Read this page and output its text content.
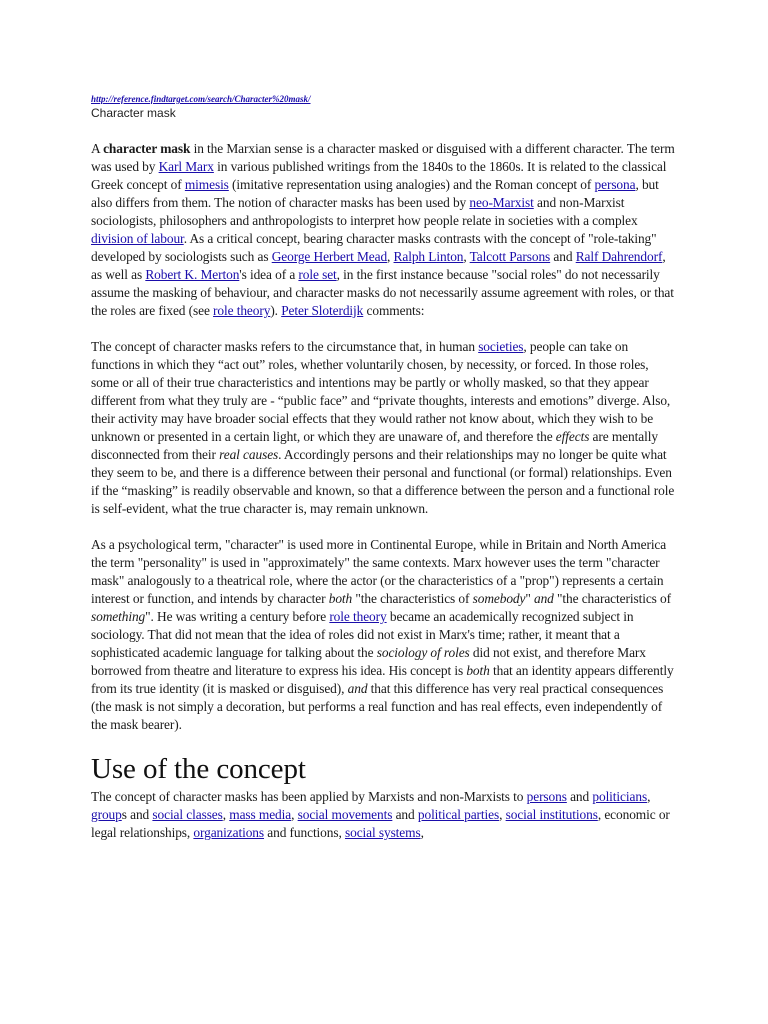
http://reference.findtarget.com/search/Character%20mask/
Character mask

A character mask in the Marxian sense is a character masked or disguised with a different character. The term was used by Karl Marx in various published writings from the 1840s to the 1860s. It is related to the classical Greek concept of mimesis (imitative representation using analogies) and the Roman concept of persona, but also differs from them. The notion of character masks has been used by neo-Marxist and non-Marxist sociologists, philosophers and anthropologists to interpret how people relate in societies with a complex division of labour. As a critical concept, bearing character masks contrasts with the concept of "role-taking" developed by sociologists such as George Herbert Mead, Ralph Linton, Talcott Parsons and Ralf Dahrendorf, as well as Robert K. Merton's idea of a role set, in the first instance because "social roles" do not necessarily assume the masking of behaviour, and character masks do not necessarily assume agreement with roles, or that the roles are fixed (see role theory). Peter Sloterdijk comments:

The concept of character masks refers to the circumstance that, in human societies, people can take on functions in which they “act out” roles, whether voluntarily chosen, by necessity, or forced. In those roles, some or all of their true characteristics and intentions may be partly or wholly masked, so that they appear different from what they truly are - “public face” and “private thoughts, interests and emotions” diverge. Also, their activity may have broader social effects that they would rather not know about, which they wish to be unknown or presented in a certain light, or which they are unaware of, and therefore the effects are mentally disconnected from their real causes. Accordingly persons and their relationships may no longer be quite what they seem to be, and there is a difference between their personal and functional (or formal) relationships. Even if the “masking” is readily observable and known, so that a difference between the person and a functional role is self-evident, what the true character is, may remain unknown.

As a psychological term, "character" is used more in Continental Europe, while in Britain and North America the term "personality" is used in "approximately" the same contexts. Marx however uses the term "character mask" analogously to a theatrical role, where the actor (or the characteristics of a "prop") represents a certain interest or function, and intends by character both "the characteristics of somebody" and "the characteristics of something". He was writing a century before role theory became an academically recognized subject in sociology. That did not mean that the idea of roles did not exist in Marx's time; rather, it meant that a sophisticated academic language for talking about the sociology of roles did not exist, and therefore Marx borrowed from theatre and literature to express his idea. His concept is both that an identity appears differently from its true identity (it is masked or disguised), and that this difference has very real practical consequences (the mask is not simply a decoration, but performs a real function and has real effects, even independently of the mask bearer).

Use of the concept

The concept of character masks has been applied by Marxists and non-Marxists to persons and politicians, groups and social classes, mass media, social movements and political parties, social institutions, economic or legal relationships, organizations and functions, social systems,
